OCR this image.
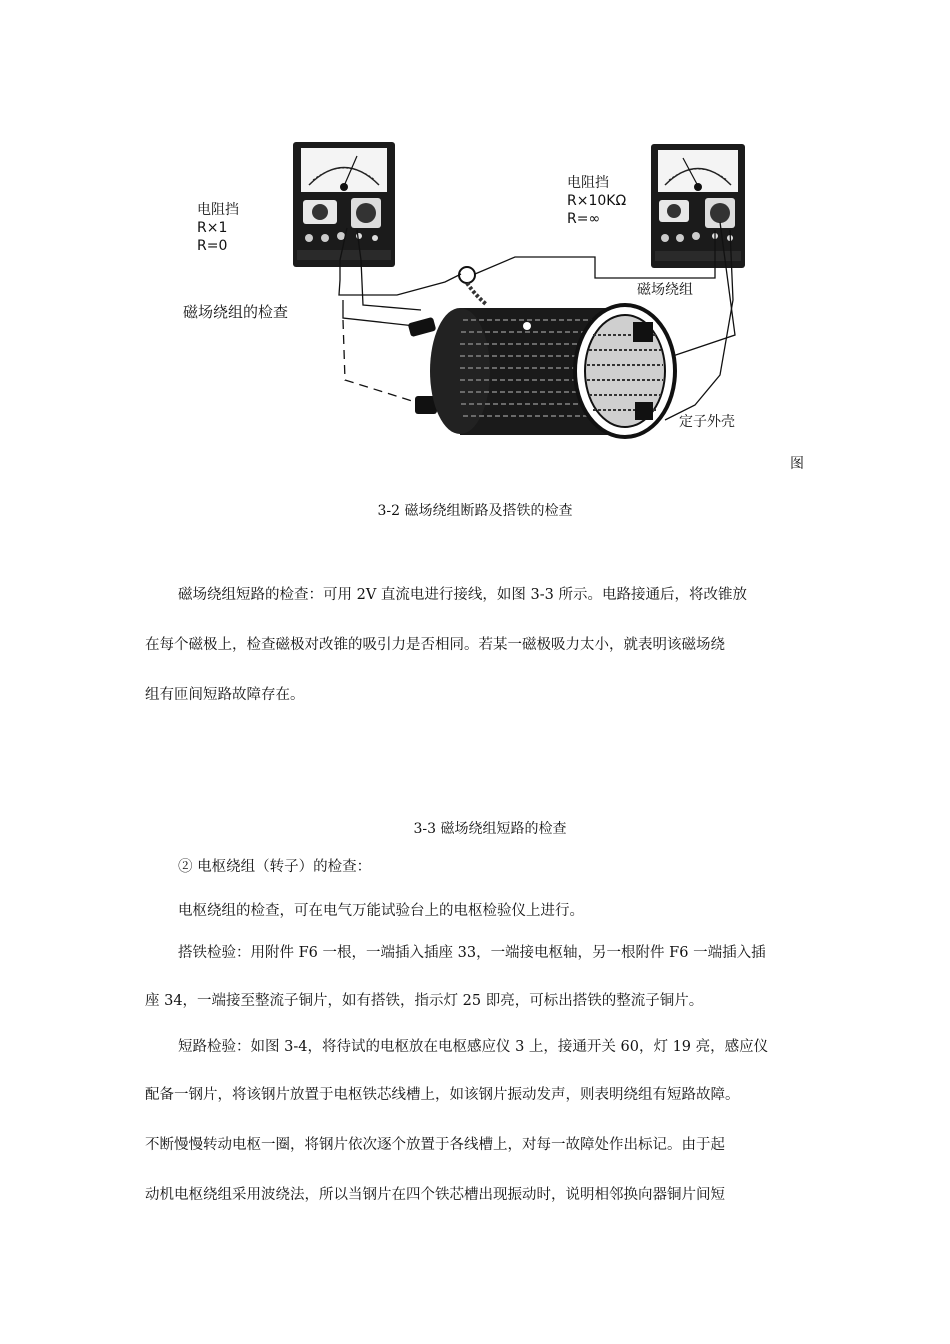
电阻挡
R×1
R=0
电阻挡
R×10KΩ
R=∞
磁场绕组的检查
磁场绕组
定子外壳
图
3-2 磁场绕组断路及搭铁的检查
磁场绕组短路的检查：可用 2V 直流电进行接线，如图 3-3 所示。电路接通后，将改锥放
在每个磁极上，检查磁极对改锥的吸引力是否相同。若某一磁极吸力太小，就表明该磁场绕
组有匝间短路故障存在。
3-3 磁场绕组短路的检查
② 电枢绕组（转子）的检查：
电枢绕组的检查，可在电气万能试验台上的电枢检验仪上进行。
搭铁检验：用附件 F6 一根，一端插入插座 33，一端接电枢轴，另一根附件 F6 一端插入插
座 34，一端接至整流子铜片，如有搭铁，指示灯 25 即亮，可标出搭铁的整流子铜片。
短路检验：如图 3-4，将待试的电枢放在电枢感应仪 3 上，接通开关 60，灯 19 亮，感应仪
配备一钢片，将该钢片放置于电枢铁芯线槽上，如该钢片振动发声，则表明绕组有短路故障。
不断慢慢转动电枢一圈，将钢片依次逐个放置于各线槽上，对每一故障处作出标记。由于起
动机电枢绕组采用波绕法，所以当钢片在四个铁芯槽出现振动时，说明相邻换向器铜片间短
